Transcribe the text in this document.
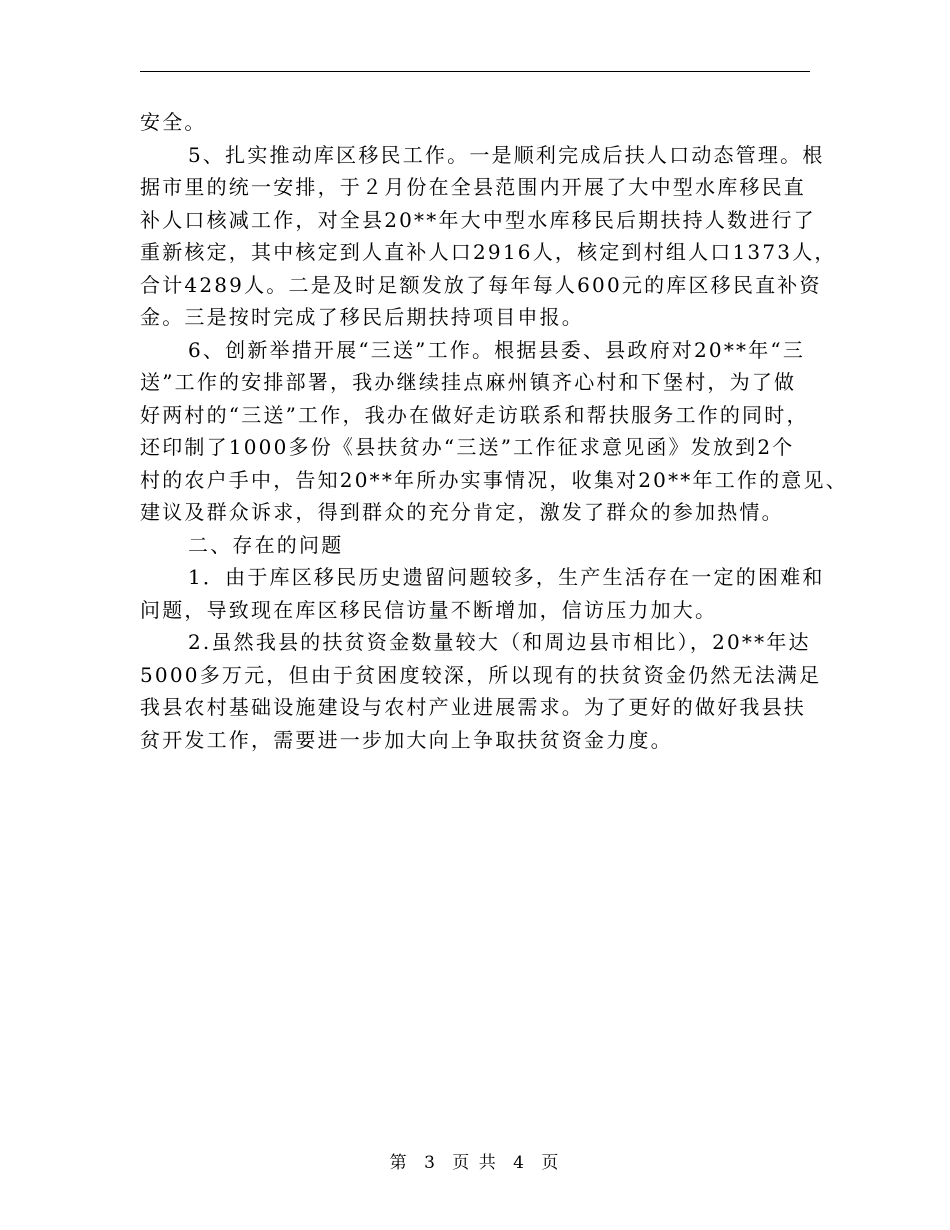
安全。
5、扎实推动库区移民工作。一是顺利完成后扶人口动态管理。根
据市里的统一安排，于２月份在全县范围内开展了大中型水库移民直
补人口核减工作，对全县20**年大中型水库移民后期扶持人数进行了
重新核定，其中核定到人直补人口2916人，核定到村组人口1373人，
合计4289人。二是及时足额发放了每年每人600元的库区移民直补资
金。三是按时完成了移民后期扶持项目申报。
6、创新举措开展“三送”工作。根据县委、县政府对20**年“三
送”工作的安排部署，我办继续挂点麻州镇齐心村和下堡村，为了做
好两村的“三送”工作，我办在做好走访联系和帮扶服务工作的同时，
还印制了1000多份《县扶贫办“三送”工作征求意见函》发放到2个
村的农户手中，告知20**年所办实事情况，收集对20**年工作的意见、
建议及群众诉求，得到群众的充分肯定，激发了群众的参加热情。
二、存在的问题
1．由于库区移民历史遗留问题较多，生产生活存在一定的困难和
问题，导致现在库区移民信访量不断增加，信访压力加大。
2.虽然我县的扶贫资金数量较大（和周边县市相比），20**年达
5000多万元，但由于贫困度较深，所以现有的扶贫资金仍然无法满足
我县农村基础设施建设与农村产业进展需求。为了更好的做好我县扶
贫开发工作，需要进一步加大向上争取扶贫资金力度。

第 3 页 共 4 页
